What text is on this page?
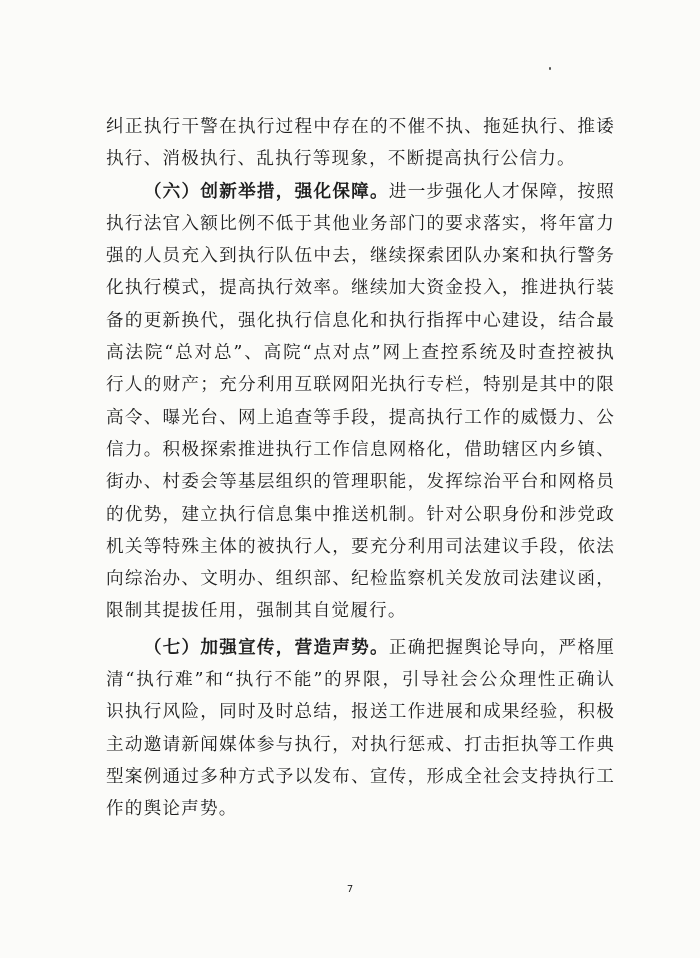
纠正执行干警在执行过程中存在的不催不执、拖延执行、推诿执行、消极执行、乱执行等现象，不断提高执行公信力。

（六）创新举措，强化保障。进一步强化人才保障，按照执行法官入额比例不低于其他业务部门的要求落实，将年富力强的人员充入到执行队伍中去，继续探索团队办案和执行警务化执行模式，提高执行效率。继续加大资金投入，推进执行装备的更新换代，强化执行信息化和执行指挥中心建设，结合最高法院“总对总”、高院“点对点”网上查控系统及时查控被执行人的财产；充分利用互联网阳光执行专栏，特别是其中的限高令、曝光台、网上追查等手段，提高执行工作的威慑力、公信力。积极探索推进执行工作信息网格化，借助辖区内乡镇、街办、村委会等基层组织的管理职能，发挥综治平台和网格员的优势，建立执行信息集中推送机制。针对公职身份和涉党政机关等特殊主体的被执行人，要充分利用司法建议手段，依法向综治办、文明办、组织部、纪检监察机关发放司法建议函，限制其提拔任用，强制其自觉履行。

（七）加强宣传，营造声势。正确把握舆论导向，严格厘清“执行难”和“执行不能”的界限，引导社会公众理性正确认识执行风险，同时及时总结，报送工作进展和成果经验，积极主动邀请新闻媒体参与执行，对执行惩戒、打击拒执等工作典型案例通过多种方式予以发布、宣传，形成全社会支持执行工作的舆论声势。

7
